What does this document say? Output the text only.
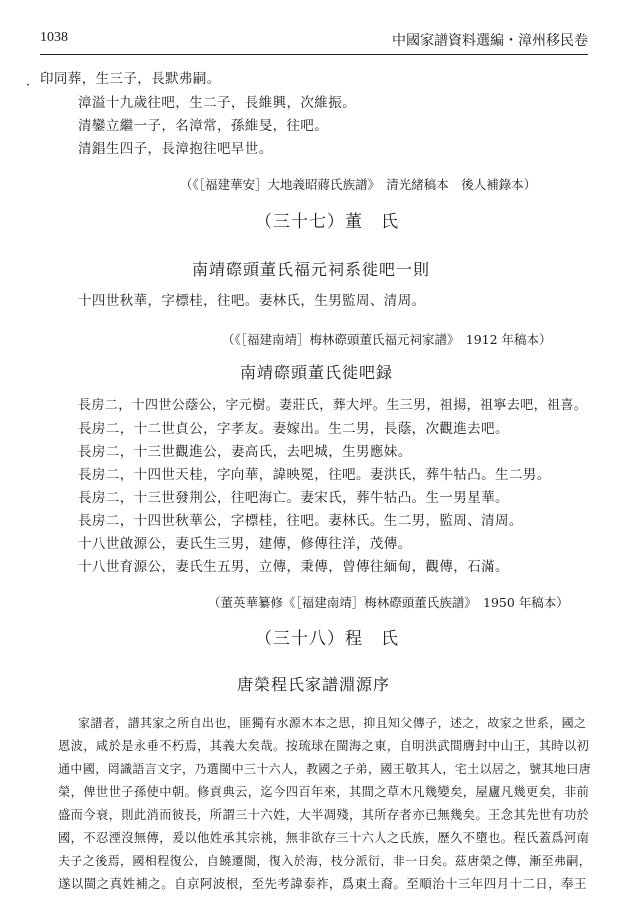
1038	中國家譜資料選編・漳州移民卷
· 印同葬，生三子，長默弗嗣。
漳溢十九歲往吧，生二子，長維興，次維振。
清鑾立繼一子，名漳常，孫維旻，往吧。
清錩生四子，長漳抱往吧早世。
（《［福建華安］大地義昭蔣氏族譜》　清光緒稿本　後人補錄本）
（三十七）董　氏
南靖磜頭董氏福元祠系徙吧一則
十四世秋華，字標桂，往吧。妻林氏，生男監周、清周。
（《［福建南靖］梅林磜頭董氏福元祠家譜》　1912 年稿本）
南靖磜頭董氏徙吧録
長房二，十四世公蔭公，字元樹。妻莊氏，葬大坪。生三男，祖揚，祖寧去吧，祖喜。
長房二，十二世貞公，字孝友。妻嫁出。生二男，長蔭，次觀進去吧。
長房二，十三世觀進公，妻高氏，去吧城，生男應妹。
長房二，十四世天桂，字向華，諱映冕，往吧。妻洪氏，葬牛牯凸。生二男。
長房二，十三世發荆公，往吧海亡。妻宋氏，葬牛牯凸。生一男星華。
長房二，十四世秋華公，字標桂，往吧。妻林氏。生二男，監周、清周。
十八世啟源公，妻氏生三男，建傳，修傳往洋，茂傳。
十八世育源公，妻氏生五男，立傳，秉傳，曾傳往緬甸，觀傳，石滿。
（董英華纂修《［福建南靖］梅林磜頭董氏族譜》　1950 年稿本）
（三十八）程　氏
唐榮程氏家譜淵源序
家譜者，譜其家之所自出也，匪獨有水源木本之思，抑且知父傳子，述之，故家之世系，國之
恩波，咸於是永垂不朽焉，其義大矣哉。按琉球在閩海之東，自明洪武間膺封中山王，其時以初
通中國，罔識語言文字，乃選閩中三十六人，教國之子弟，國王敬其人，宅土以居之，號其地曰唐
榮，俾世世子孫使中朝。修貢典云，迄今四百年來，其間之草木凡幾變矣，屋廬凡幾更矣，非前
盛而今衰，則此消而彼長，所謂三十六姓，大半凋殘，其所存者亦已無幾矣。王念其先世有功於
國，不忍湮沒無傳，爰以他姓承其宗祧，無非欲存三十六人之氏族，歷久不墮也。程氏蓋爲河南
夫子之後焉，國相程復公，自饒遷閩，復入於海，枝分派衍，非一日矣。茲唐榮之傳，漸至弗嗣，
遂以閩之真姓補之。自京阿波根，至先考諱泰祚，爲東土裔。至順治十三年四月十二日，奉王
